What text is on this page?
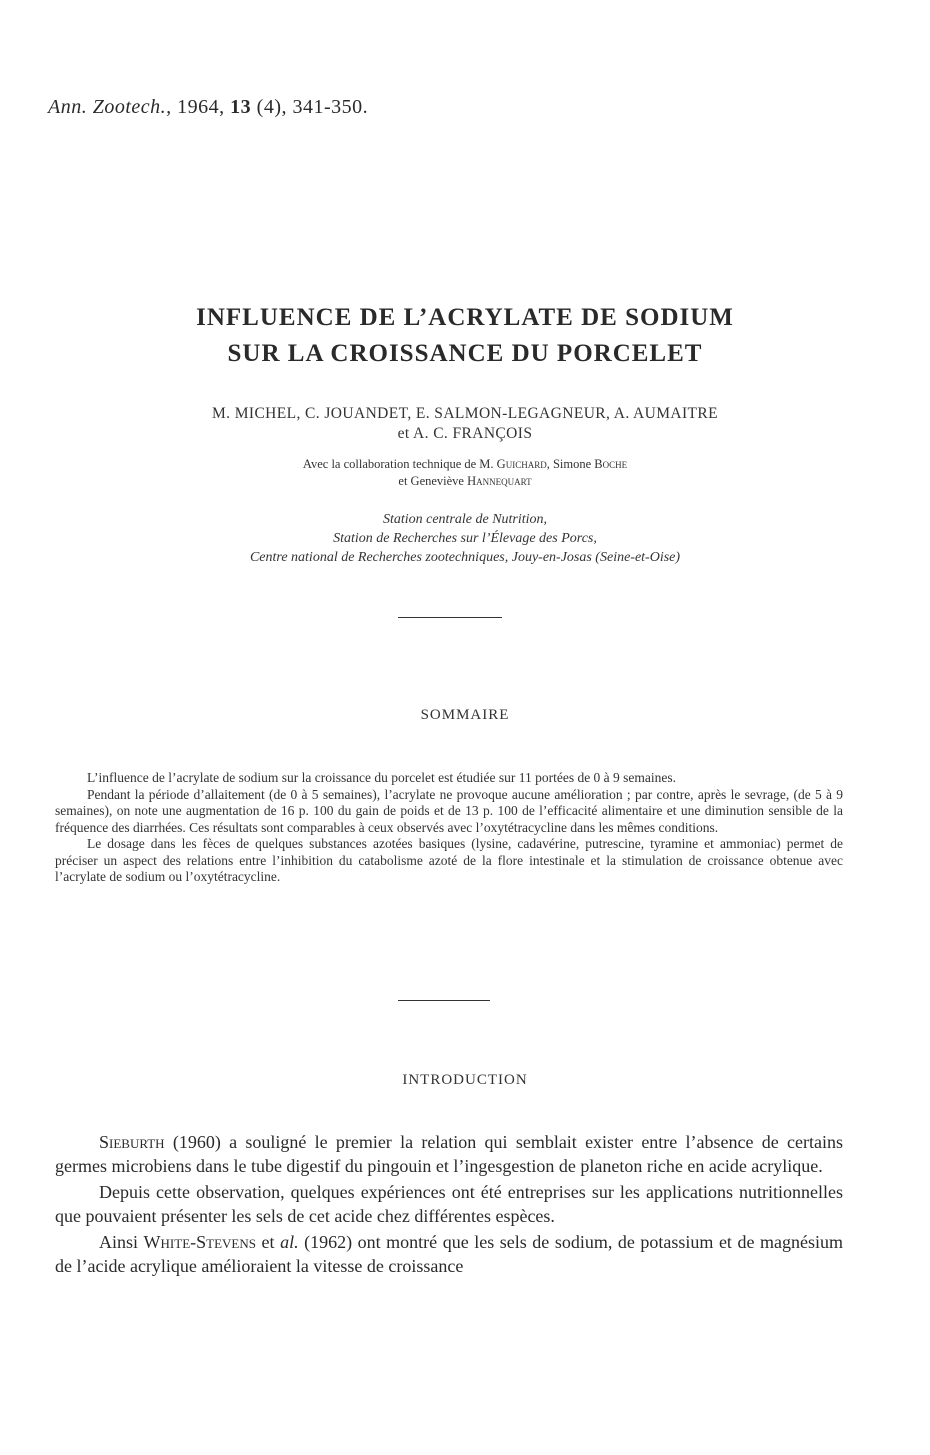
Ann. Zootech., 1964, 13 (4), 341-350.
INFLUENCE DE L’ACRYLATE DE SODIUM
SUR LA CROISSANCE DU PORCELET
M. MICHEL, C. JOUANDET, E. SALMON-LEGAGNEUR, A. AUMAITRE
et A. C. FRANÇOIS
Avec la collaboration technique de M. Guichard, Simone Boche
et Geneviève Hannequart
Station centrale de Nutrition,
Station de Recherches sur l’Élevage des Porcs,
Centre national de Recherches zootechniques, Jouy-en-Josas (Seine-et-Oise)
SOMMAIRE

L’influence de l’acrylate de sodium sur la croissance du porcelet est étudiée sur 11 portées de 0 à 9 semaines.

Pendant la période d’allaitement (de 0 à 5 semaines), l’acrylate ne provoque aucune amélioration ; par contre, après le sevrage, (de 5 à 9 semaines), on note une augmentation de 16 p. 100 du gain de poids et de 13 p. 100 de l’efficacité alimentaire et une diminution sensible de la fréquence des diarrhées. Ces résultats sont comparables à ceux observés avec l’oxytétracycline dans les mêmes conditions.

Le dosage dans les fèces de quelques substances azotées basiques (lysine, cadavérine, putrescine, tyramine et ammoniac) permet de préciser un aspect des relations entre l’inhibition du catabolisme azoté de la flore intestinale et la stimulation de croissance obtenue avec l’acrylate de sodium ou l’oxytétracycline.

INTRODUCTION

Sieburth (1960) a souligné le premier la relation qui semblait exister entre l’absence de certains germes microbiens dans le tube digestif du pingouin et l’ingesgestion de planeton riche en acide acrylique.

Depuis cette observation, quelques expériences ont été entreprises sur les applications nutritionnelles que pouvaient présenter les sels de cet acide chez différentes espèces.

Ainsi White-Stevens et al. (1962) ont montré que les sels de sodium, de potassium et de magnésium de l’acide acrylique amélioraient la vitesse de croissance
